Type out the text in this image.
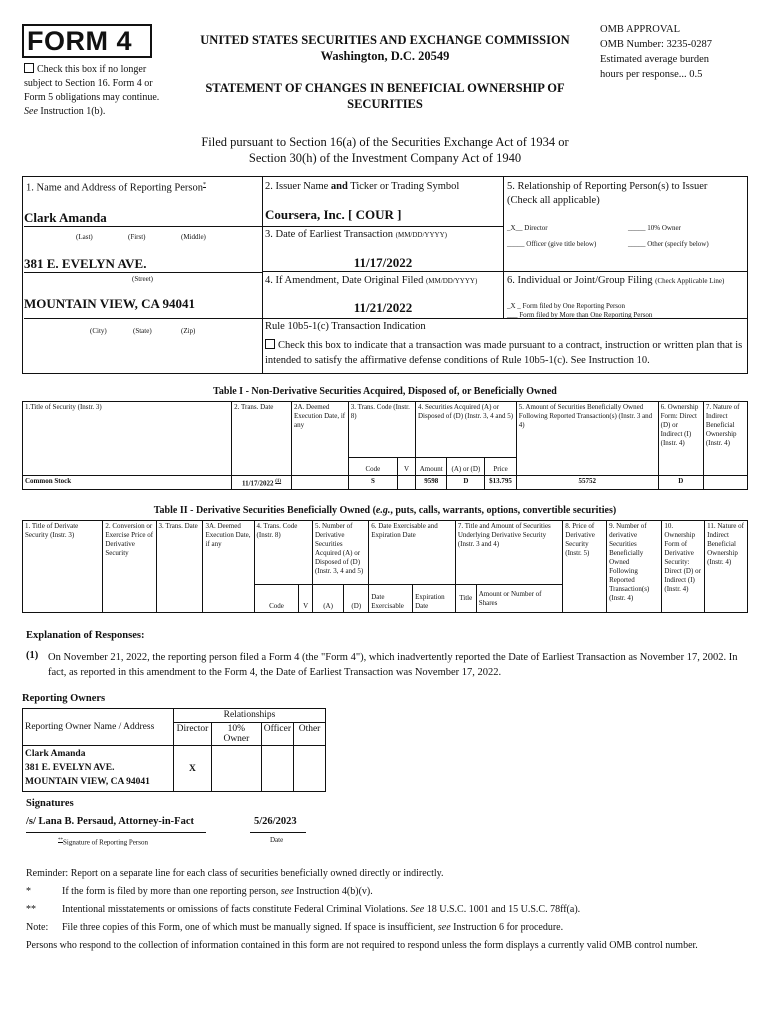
FORM 4
Check this box if no longer subject to Section 16. Form 4 or Form 5 obligations may continue. See Instruction 1(b).
UNITED STATES SECURITIES AND EXCHANGE COMMISSION
Washington, D.C. 20549
STATEMENT OF CHANGES IN BENEFICIAL OWNERSHIP OF
SECURITIES
OMB APPROVAL
OMB Number: 3235-0287
Estimated average burden
hours per response... 0.5
Filed pursuant to Section 16(a) of the Securities Exchange Act of 1934 or
Section 30(h) of the Investment Company Act of 1940
1. Name and Address of Reporting Person*
Clark Amanda
(Last)	(First)	(Middle)
381 E. EVELYN AVE.
(Street)
MOUNTAIN VIEW, CA 94041
(City)	(State)	(Zip)
2. Issuer Name and Ticker or Trading Symbol
Coursera, Inc. [ COUR ]
3. Date of Earliest Transaction (MM/DD/YYYY)
11/17/2022
4. If Amendment, Date Original Filed (MM/DD/YYYY)
11/21/2022
5. Relationship of Reporting Person(s) to Issuer
(Check all applicable)
_X__ Director	_____ 10% Owner
_____ Officer (give title below)	_____ Other (specify below)
6. Individual or Joint/Group Filing (Check Applicable Line)
_X _ Form filed by One Reporting Person
___ Form filed by More than One Reporting Person
Rule 10b5-1(c) Transaction Indication
Check this box to indicate that a transaction was made pursuant to a contract, instruction or written plan that is intended to satisfy the affirmative defense conditions of Rule 10b5-1(c). See Instruction 10.
Table I - Non-Derivative Securities Acquired, Disposed of, or Beneficially Owned
1.Title of Security (Instr. 3)	2. Trans. Date	2A. Deemed Execution Date, if any	3. Trans. Code (Instr. 8)		4. Securities Acquired (A) or Disposed of (D) (Instr. 3, 4 and 5)			5. Amount of Securities Beneficially Owned Following Reported Transaction(s) (Instr. 3 and 4)	6. Ownership Form: Direct (D) or Indirect (I) (Instr. 4)	7. Nature of Indirect Beneficial Ownership (Instr. 4)
			Code	V	Amount	(A) or (D)	Price			
Common Stock	11/17/2022 $^{(1)}$		S		9598	D	$13.795	55752	D	
Table II - Derivative Securities Beneficially Owned (e.g., puts, calls, warrants, options, convertible securities)
1. Title of Derivate Security (Instr. 3)	2. Conversion or Exercise Price of Derivative Security	3. Trans. Date	3A. Deemed Execution Date, if any	4. Trans. Code (Instr. 8)		5. Number of Derivative Securities Acquired (A) or Disposed of (D) (Instr. 3, 4 and 5)		6. Date Exercisable and Expiration Date		7. Title and Amount of Securities Underlying Derivative Security (Instr. 3 and 4)		8. Price of Derivative Security (Instr. 5)	9. Number of derivative Securities Beneficially Owned Following Reported Transaction(s) (Instr. 4)	10. Ownership Form of Derivative Security: Direct (D) or Indirect (I) (Instr. 4)	11. Nature of Indirect Beneficial Ownership (Instr. 4)
				Code	V	(A)	(D)	Date Exercisable	Expiration Date	Title	Amount or Number of Shares				
Explanation of Responses:
(1) On November 21, 2022, the reporting person filed a Form 4 (the "Form 4"), which inadvertently reported the Date of Earliest Transaction as November 17, 2002. In fact, as reported in this amendment to the Form 4, the Date of Earliest Transaction was November 17, 2022.
Reporting Owners
Reporting Owner Name / Address	Relationships			
	Director	10% Owner	Officer	Other

Clark Amanda
381 E. EVELYN AVE.
MOUNTAIN VIEW, CA 94041	X			
Signatures
/s/ Lana B. Persaud, Attorney-in-Fact	5/26/2023
**Signature of Reporting Person	Date
Reminder: Report on a separate line for each class of securities beneficially owned directly or indirectly.
*	If the form is filed by more than one reporting person, see Instruction 4(b)(v).
**	Intentional misstatements or omissions of facts constitute Federal Criminal Violations. See 18 U.S.C. 1001 and 15 U.S.C. 78ff(a).
Note: File three copies of this Form, one of which must be manually signed. If space is insufficient, see Instruction 6 for procedure.
Persons who respond to the collection of information contained in this form are not required to respond unless the form displays a currently valid OMB control number.
